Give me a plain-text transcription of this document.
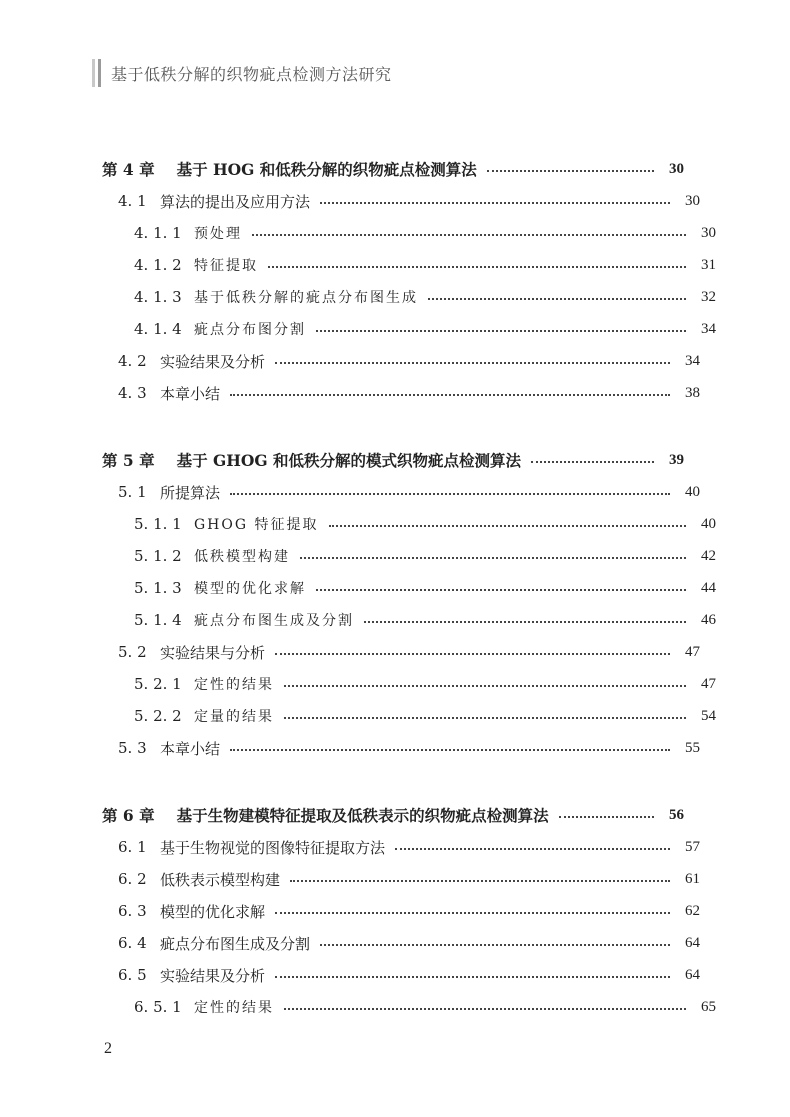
基于低秩分解的织物疵点检测方法研究
第 4 章 基于 HOG 和低秩分解的织物疵点检测算法	30
4. 1 算法的提出及应用方法	30
4. 1. 1 预处理	30
4. 1. 2 特征提取	31
4. 1. 3 基于低秩分解的疵点分布图生成	32
4. 1. 4 疵点分布图分割	34
4. 2 实验结果及分析	34
4. 3 本章小结	38
第 5 章 基于 GHOG 和低秩分解的模式织物疵点检测算法	39
5. 1 所提算法	40
5. 1. 1 GHOG 特征提取	40
5. 1. 2 低秩模型构建	42
5. 1. 3 模型的优化求解	44
5. 1. 4 疵点分布图生成及分割	46
5. 2 实验结果与分析	47
5. 2. 1 定性的结果	47
5. 2. 2 定量的结果	54
5. 3 本章小结	55
第 6 章 基于生物建模特征提取及低秩表示的织物疵点检测算法	56
6. 1 基于生物视觉的图像特征提取方法	57
6. 2 低秩表示模型构建	61
6. 3 模型的优化求解	62
6. 4 疵点分布图生成及分割	64
6. 5 实验结果及分析	64
6. 5. 1 定性的结果	65
2
